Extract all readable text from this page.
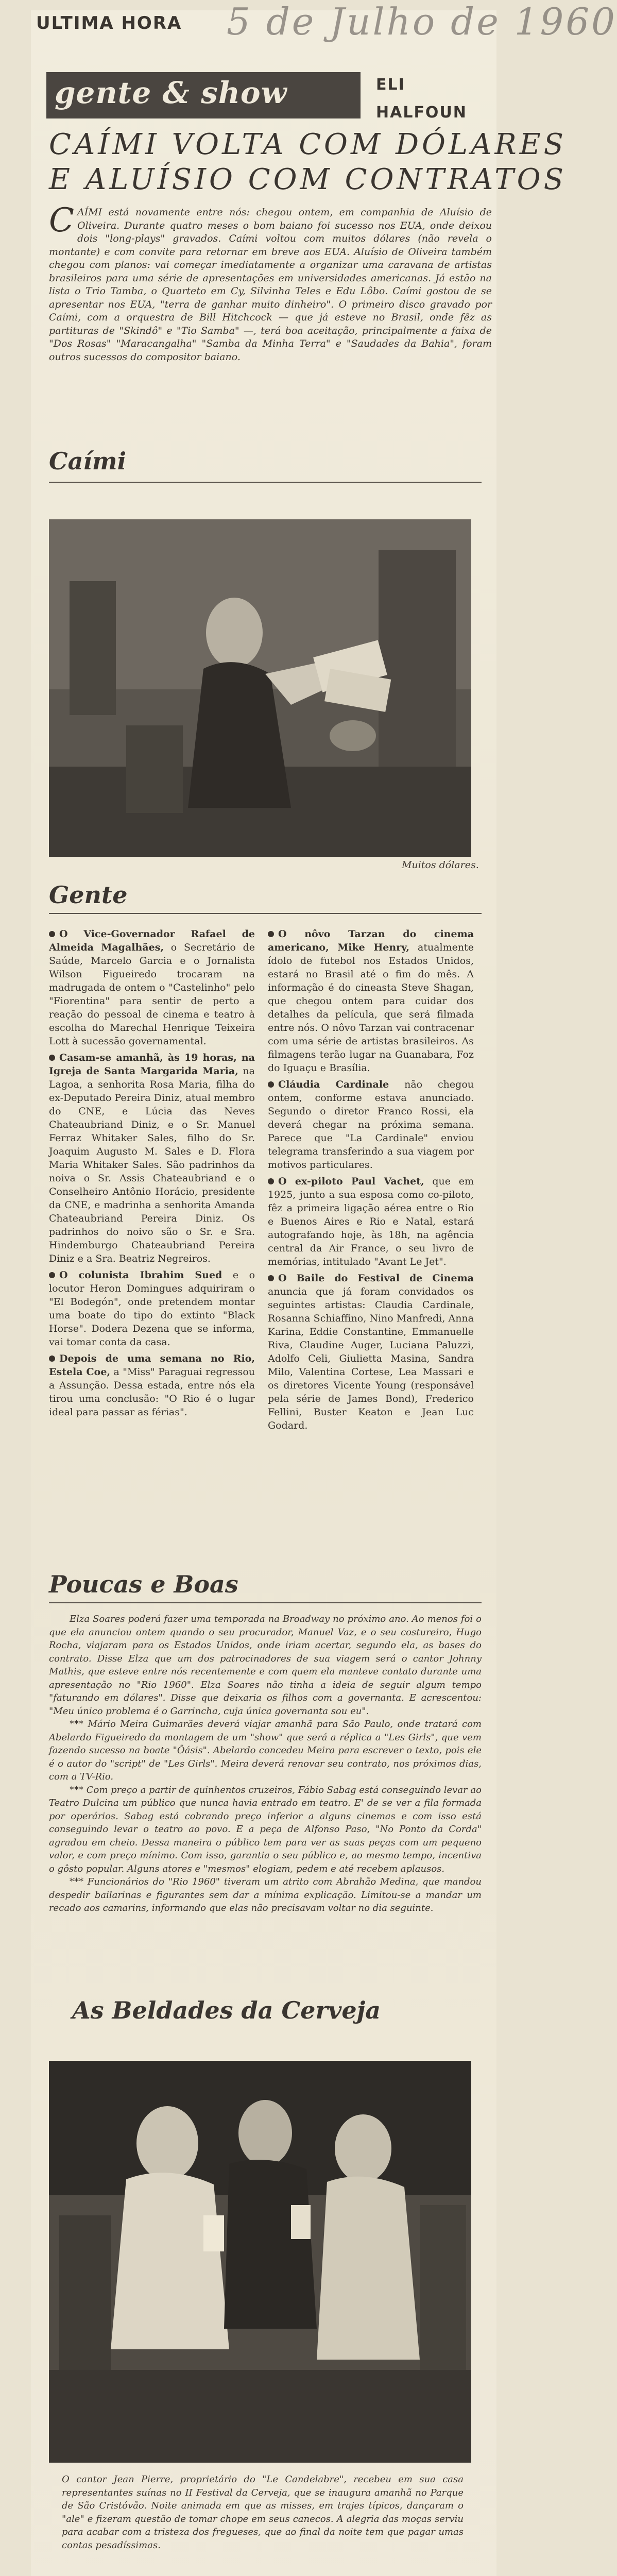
ULTIMA HORA 5 de Julho de 1960
gente & show	ELI
HALFOUN
CAÍMI VOLTA COM DÓLARES
E ALUÍSIO COM CONTRATOS
CAÍMI está novamente entre nós: chegou ontem, em companhia de Aluísio de Oliveira. Durante quatro meses o bom baiano foi sucesso nos EUA, onde deixou dois "long-plays" gravados. Caími voltou com muitos dólares (não revela o montante) e com convite para retornar em breve aos EUA. Aluísio de Oliveira também chegou com planos: vai começar imediatamente a organizar uma caravana de artistas brasileiros para uma série de apresentações em universidades americanas. Já estão na lista o Trio Tamba, o Quarteto em Cy, Silvinha Teles e Edu Lôbo. Caími gostou de se apresentar nos EUA, "terra de ganhar muito dinheiro". O primeiro disco gravado por Caími, com a orquestra de Bill Hitchcock — que já esteve no Brasil, onde fêz as partituras de "Skindô" e "Tio Samba" —, terá boa aceitação, principalmente a faixa de "Dos Rosas" "Maracangalha" "Samba da Minha Terra" e "Saudades da Bahia", foram outros sucessos do compositor baiano.
Caími
Muitos dólares.
Gente

O Vice-Governador Rafael de Almeida Magalhães, o Secretário de Saúde, Marcelo Garcia e o Jornalista Wilson Figueiredo trocaram na madrugada de ontem o "Castelinho" pelo "Fiorentina" para sentir de perto a reação do pessoal de cinema e teatro à escolha do Marechal Henrique Teixeira Lott à sucessão governamental.

Casam-se amanhã, às 19 horas, na Igreja de Santa Margarida Maria, na Lagoa, a senhorita Rosa Maria, filha do ex-Deputado Pereira Diniz, atual membro do CNE, e Lúcia das Neves Chateaubriand Diniz, e o Sr. Manuel Ferraz Whitaker Sales, filho do Sr. Joaquim Augusto M. Sales e D. Flora Maria Whitaker Sales. São padrinhos da noiva o Sr. Assis Chateaubriand e o Conselheiro Antônio Horácio, presidente da CNE, e madrinha a senhorita Amanda Chateaubriand Pereira Diniz. Os padrinhos do noivo são o Sr. e Sra. Hindemburgo Chateaubriand Pereira Diniz e a Sra. Beatriz Negreiros.

O colunista Ibrahim Sued e o locutor Heron Domingues adquiriram o "El Bodegón", onde pretendem montar uma boate do tipo do extinto "Black Horse". Dodera Dezena que se informa, vai tomar conta da casa.

Depois de uma semana no Rio, Estela Coe, a "Miss" Paraguai regressou a Assunção. Dessa estada, entre nós ela tirou uma conclusão: "O Rio é o lugar ideal para passar as férias".

O nôvo Tarzan do cinema americano, Mike Henry, atualmente ídolo de futebol nos Estados Unidos, estará no Brasil até o fim do mês. A informação é do cineasta Steve Shagan, que chegou ontem para cuidar dos detalhes da película, que será filmada entre nós. O nôvo Tarzan vai contracenar com uma série de artistas brasileiros. As filmagens terão lugar na Guanabara, Foz do Iguaçu e Brasília.

Cláudia Cardinale não chegou ontem, conforme estava anunciado. Segundo o diretor Franco Rossi, ela deverá chegar na próxima semana. Parece que "La Cardinale" enviou telegrama transferindo a sua viagem por motivos particulares.

O ex-piloto Paul Vachet, que em 1925, junto a sua esposa como co-piloto, fêz a primeira ligação aérea entre o Rio e Buenos Aires e Rio e Natal, estará autografando hoje, às 18h, na agência central da Air France, o seu livro de memórias, intitulado "Avant Le Jet".

O Baile do Festival de Cinema anuncia que já foram convidados os seguintes artistas: Claudia Cardinale, Rosanna Schiaffino, Nino Manfredi, Anna Karina, Eddie Constantine, Emmanuelle Riva, Claudine Auger, Luciana Paluzzi, Adolfo Celi, Giulietta Masina, Sandra Milo, Valentina Cortese, Lea Massari e os diretores Vicente Young (responsável pela série de James Bond), Frederico Fellini, Buster Keaton e Jean Luc Godard.

Poucas e Boas

Elza Soares poderá fazer uma temporada na Broadway no próximo ano. Ao menos foi o que ela anunciou ontem quando o seu procurador, Manuel Vaz, e o seu costureiro, Hugo Rocha, viajaram para os Estados Unidos, onde iriam acertar, segundo ela, as bases do contrato. Disse Elza que um dos patrocinadores de sua viagem será o cantor Johnny Mathis, que esteve entre nós recentemente e com quem ela manteve contato durante uma apresentação no "Rio 1960". Elza Soares não tinha a ideia de seguir algum tempo "faturando em dólares". Disse que deixaria os filhos com a governanta. E acrescentou: "Meu único problema é o Garrincha, cuja única governanta sou eu".

*** Mário Meira Guimarães deverá viajar amanhã para São Paulo, onde tratará com Abelardo Figueiredo da montagem de um "show" que será a réplica a "Les Girls", que vem fazendo sucesso na boate "Ôásis". Abelardo concedeu Meira para escrever o texto, pois ele é o autor do "script" de "Les Girls". Meira deverá renovar seu contrato, nos próximos dias, com a TV-Rio.

*** Com preço a partir de quinhentos cruzeiros, Fábio Sabag está conseguindo levar ao Teatro Dulcina um público que nunca havia entrado em teatro. E' de se ver a fila formada por operários. Sabag está cobrando preço inferior a alguns cinemas e com isso está conseguindo levar o teatro ao povo. E a peça de Alfonso Paso, "No Ponto da Corda" agradou em cheio. Dessa maneira o público tem para ver as suas peças com um pequeno valor, e com preço mínimo. Com isso, garantia o seu público e, ao mesmo tempo, incentiva o gôsto popular. Alguns atores e "mesmos" elogiam, pedem e até recebem aplausos.

*** Funcionários do "Rio 1960" tiveram um atrito com Abrahão Medina, que mandou despedir bailarinas e figurantes sem dar a mínima explicação. Limitou-se a mandar um recado aos camarins, informando que elas não precisavam voltar no dia seguinte.

As Beldades da Cerveja
O cantor Jean Pierre, proprietário do "Le Candelabre", recebeu em sua casa representantes suínas no II Festival da Cerveja, que se inaugura amanhã no Parque de São Cristóvão. Noite animada em que as misses, em trajes típicos, dançaram o "ale" e fizeram questão de tomar chope em seus canecos. A alegria das moças serviu para acabar com a tristeza dos fregueses, que ao final da noite tem que pagar umas contas pesadíssimas.
